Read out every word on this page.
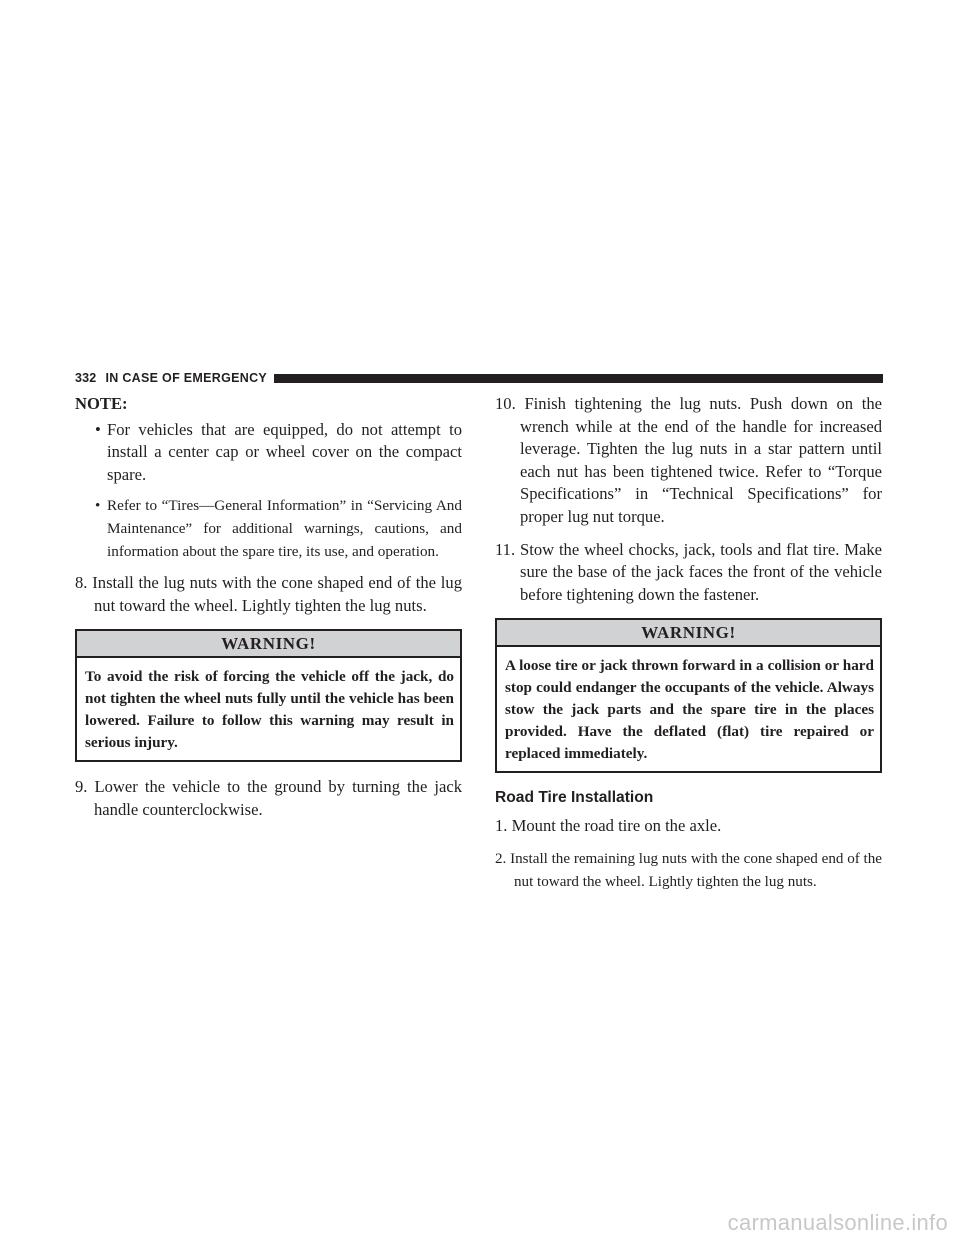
332 IN CASE OF EMERGENCY
NOTE:
• For vehicles that are equipped, do not attempt to install a center cap or wheel cover on the compact spare.
• Refer to “Tires—General Information” in “Servicing And Maintenance” for additional warnings, cautions, and information about the spare tire, its use, and operation.
8. Install the lug nuts with the cone shaped end of the lug nut toward the wheel. Lightly tighten the lug nuts.
WARNING!
To avoid the risk of forcing the vehicle off the jack, do not tighten the wheel nuts fully until the vehicle has been lowered. Failure to follow this warning may result in serious injury.
9. Lower the vehicle to the ground by turning the jack handle counterclockwise.
10. Finish tightening the lug nuts. Push down on the wrench while at the end of the handle for increased leverage. Tighten the lug nuts in a star pattern until each nut has been tightened twice. Refer to “Torque Specifications” in “Technical Specifications” for proper lug nut torque.
11. Stow the wheel chocks, jack, tools and flat tire. Make sure the base of the jack faces the front of the vehicle before tightening down the fastener.
WARNING!
A loose tire or jack thrown forward in a collision or hard stop could endanger the occupants of the vehicle. Always stow the jack parts and the spare tire in the places provided. Have the deflated (flat) tire repaired or replaced immediately.
Road Tire Installation
1. Mount the road tire on the axle.
2. Install the remaining lug nuts with the cone shaped end of the nut toward the wheel. Lightly tighten the lug nuts.
carmanualsonline.info
